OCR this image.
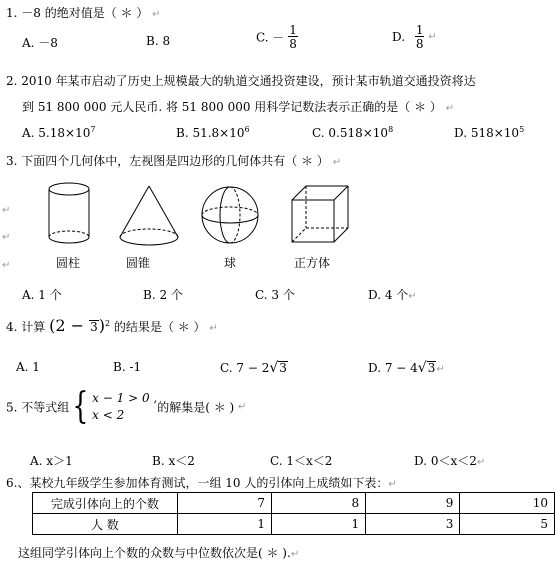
1. －8 的绝对值是（ ＊ ） ↵
A. －8	B. 8	C. － $\frac{1}{8}$	D. $\frac{1}{8}$ ↵
2. 2010 年某市启动了历史上规模最大的轨道交通投资建设，预计某市轨道交通投资将达
到 51 800 000 元人民币. 将 51 800 000 用科学记数法表示正确的是（ ＊ ） ↵
A. $5.18\times 10^7$	B. $51.8\times 10^6$	C. $0.518\times 10^8$	D. $518\times 10^5$
3. 下面四个几何体中，左视图是四边形的几何体共有（ ＊ ） ↵
↵
↵
↵	圆柱	圆锥	球	正方体
A. 1 个	B. 2 个	C. 3 个	D. 4 个↵
4. 计算 $(2 - 3)^2$ 的结果是（ ＊ ） ↵
A. 1	B. -1	C. 7 − 2√3	D. 7 − 4√3↵
5. 不等式组{ x − 1 > 0 ,
x < 2
的解集是( ＊ ) ↵
A. x＞1	B. x＜2	C. 1＜x＜2	D. 0＜x＜2↵
6.、某校九年级学生参加体育测试，一组 10 人的引体向上成绩如下表：↵
完成引体向上的个数	7	8	9	10
人 数	1	1	3	5
这组同学引体向上个数的众数与中位数依次是( ＊ ).↵
